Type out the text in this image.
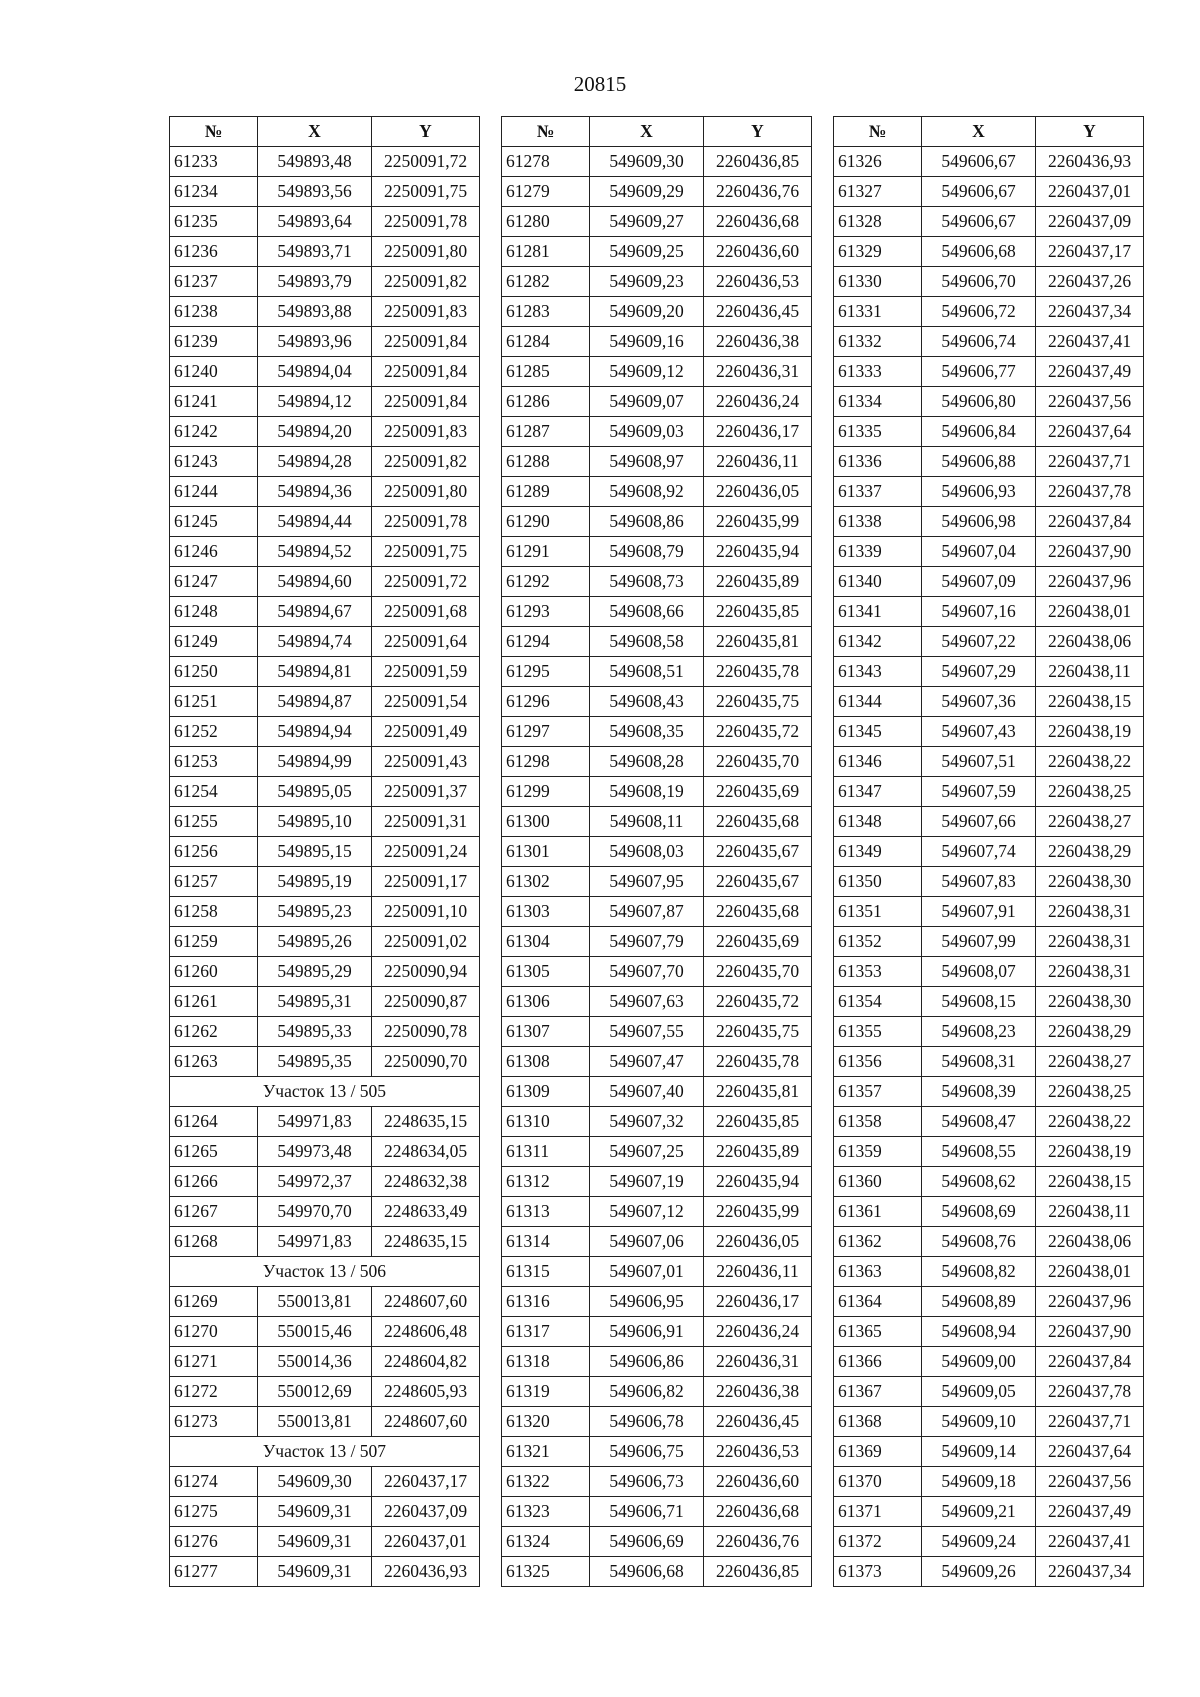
20815
№	X	Y
61233	549893,48	2250091,72
61234	549893,56	2250091,75
61235	549893,64	2250091,78
61236	549893,71	2250091,80
61237	549893,79	2250091,82
61238	549893,88	2250091,83
61239	549893,96	2250091,84
61240	549894,04	2250091,84
61241	549894,12	2250091,84
61242	549894,20	2250091,83
61243	549894,28	2250091,82
61244	549894,36	2250091,80
61245	549894,44	2250091,78
61246	549894,52	2250091,75
61247	549894,60	2250091,72
61248	549894,67	2250091,68
61249	549894,74	2250091,64
61250	549894,81	2250091,59
61251	549894,87	2250091,54
61252	549894,94	2250091,49
61253	549894,99	2250091,43
61254	549895,05	2250091,37
61255	549895,10	2250091,31
61256	549895,15	2250091,24
61257	549895,19	2250091,17
61258	549895,23	2250091,10
61259	549895,26	2250091,02
61260	549895,29	2250090,94
61261	549895,31	2250090,87
61262	549895,33	2250090,78
61263	549895,35	2250090,70
Участок 13 / 505		
61264	549971,83	2248635,15
61265	549973,48	2248634,05
61266	549972,37	2248632,38
61267	549970,70	2248633,49
61268	549971,83	2248635,15
Участок 13 / 506		
61269	550013,81	2248607,60
61270	550015,46	2248606,48
61271	550014,36	2248604,82
61272	550012,69	2248605,93
61273	550013,81	2248607,60
Участок 13 / 507		
61274	549609,30	2260437,17
61275	549609,31	2260437,09
61276	549609,31	2260437,01
61277	549609,31	2260436,93
№	X	Y
61278	549609,30	2260436,85
61279	549609,29	2260436,76
61280	549609,27	2260436,68
61281	549609,25	2260436,60
61282	549609,23	2260436,53
61283	549609,20	2260436,45
61284	549609,16	2260436,38
61285	549609,12	2260436,31
61286	549609,07	2260436,24
61287	549609,03	2260436,17
61288	549608,97	2260436,11
61289	549608,92	2260436,05
61290	549608,86	2260435,99
61291	549608,79	2260435,94
61292	549608,73	2260435,89
61293	549608,66	2260435,85
61294	549608,58	2260435,81
61295	549608,51	2260435,78
61296	549608,43	2260435,75
61297	549608,35	2260435,72
61298	549608,28	2260435,70
61299	549608,19	2260435,69
61300	549608,11	2260435,68
61301	549608,03	2260435,67
61302	549607,95	2260435,67
61303	549607,87	2260435,68
61304	549607,79	2260435,69
61305	549607,70	2260435,70
61306	549607,63	2260435,72
61307	549607,55	2260435,75
61308	549607,47	2260435,78
61309	549607,40	2260435,81
61310	549607,32	2260435,85
61311	549607,25	2260435,89
61312	549607,19	2260435,94
61313	549607,12	2260435,99
61314	549607,06	2260436,05
61315	549607,01	2260436,11
61316	549606,95	2260436,17
61317	549606,91	2260436,24
61318	549606,86	2260436,31
61319	549606,82	2260436,38
61320	549606,78	2260436,45
61321	549606,75	2260436,53
61322	549606,73	2260436,60
61323	549606,71	2260436,68
61324	549606,69	2260436,76
61325	549606,68	2260436,85
№	X	Y
61326	549606,67	2260436,93
61327	549606,67	2260437,01
61328	549606,67	2260437,09
61329	549606,68	2260437,17
61330	549606,70	2260437,26
61331	549606,72	2260437,34
61332	549606,74	2260437,41
61333	549606,77	2260437,49
61334	549606,80	2260437,56
61335	549606,84	2260437,64
61336	549606,88	2260437,71
61337	549606,93	2260437,78
61338	549606,98	2260437,84
61339	549607,04	2260437,90
61340	549607,09	2260437,96
61341	549607,16	2260438,01
61342	549607,22	2260438,06
61343	549607,29	2260438,11
61344	549607,36	2260438,15
61345	549607,43	2260438,19
61346	549607,51	2260438,22
61347	549607,59	2260438,25
61348	549607,66	2260438,27
61349	549607,74	2260438,29
61350	549607,83	2260438,30
61351	549607,91	2260438,31
61352	549607,99	2260438,31
61353	549608,07	2260438,31
61354	549608,15	2260438,30
61355	549608,23	2260438,29
61356	549608,31	2260438,27
61357	549608,39	2260438,25
61358	549608,47	2260438,22
61359	549608,55	2260438,19
61360	549608,62	2260438,15
61361	549608,69	2260438,11
61362	549608,76	2260438,06
61363	549608,82	2260438,01
61364	549608,89	2260437,96
61365	549608,94	2260437,90
61366	549609,00	2260437,84
61367	549609,05	2260437,78
61368	549609,10	2260437,71
61369	549609,14	2260437,64
61370	549609,18	2260437,56
61371	549609,21	2260437,49
61372	549609,24	2260437,41
61373	549609,26	2260437,34
